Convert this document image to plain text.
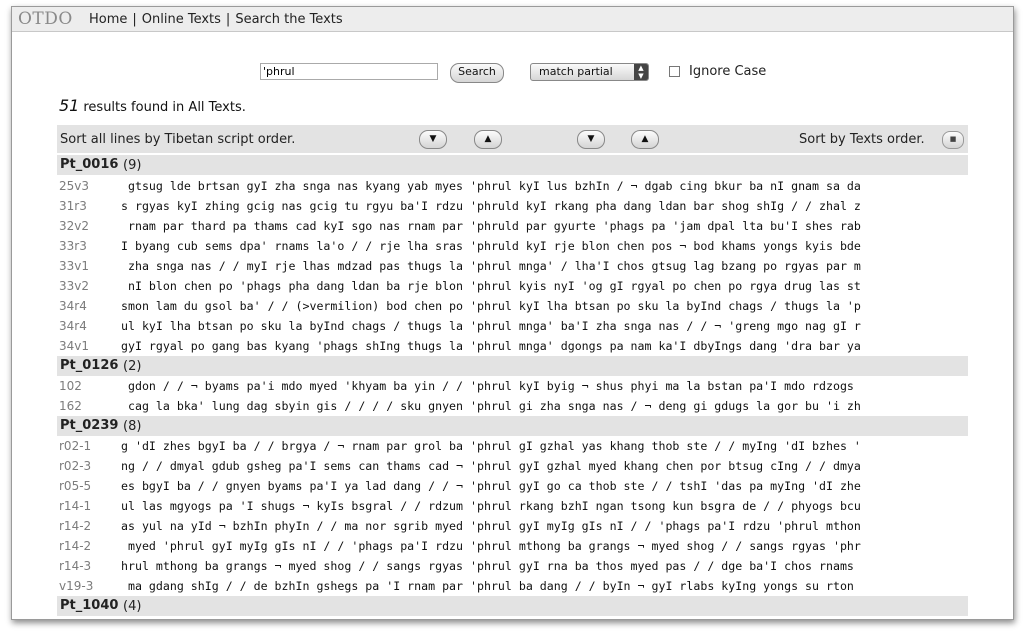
OTDO Home | Online Texts | Search the Texts
'phrul
Search	match partial	▲
▼	Ignore Case
51 results found in All Texts.
Sort all lines by Tibetan script order.	▼	▲	▼	▲	Sort by Texts order.	■
Pt_0016 (9)
25v3	gtsug lde brtsan gyI zha snga nas kyang yab myes 'phrul kyI lus bzhIn / ¬ dgab cing bkur ba nI gnam sa da
31r3	s rgyas kyI zhing gcig nas gcig tu rgyu ba'I rdzu 'phruld kyI rkang pha dang ldan bar shog shIg / / zhal z
32v2	rnam par thard pa thams cad kyI sgo nas rnam par 'phruld par gyurte 'phags pa 'jam dpal lta bu'I shes rab
33r3	I byang cub sems dpa' rnams la'o / / rje lha sras 'phruld kyI rje blon chen pos ¬ bod khams yongs kyis bde
33v1	zha snga nas / / myI rje lhas mdzad pas thugs la 'phrul mnga' / lha'I chos gtsug lag bzang po rgyas par m
33v2	nI blon chen po 'phags pha dang ldan ba rje blon 'phrul kyis nyI 'og gI rgyal po chen po rgya drug las st
34r4	smon lam du gsol ba' / / (>vermilion) bod chen po 'phrul kyI lha btsan po sku la byInd chags / thugs la 'p
34r4	ul kyI lha btsan po sku la byInd chags / thugs la 'phrul mnga' ba'I zha snga nas / / ¬ 'greng mgo nag gI r
34v1	gyI rgyal po gang bas kyang 'phags shIng thugs la 'phrul mnga' dgongs pa nam ka'I dbyIngs dang 'dra bar ya
Pt_0126 (2)
102	gdon / / ¬ byams pa'i mdo myed 'khyam ba yin / / 'phrul kyI byig ¬ shus phyi ma la bstan pa'I mdo rdzogs
162	cag la bka' lung dag sbyin gis / / / / sku gnyen 'phrul gi zha snga nas / ¬ deng gi gdugs la gor bu 'i zh
Pt_0239 (8)
r02-1	g 'dI zhes bgyI ba / / brgya / ¬ rnam par grol ba 'phrul gI gzhal yas khang thob ste / / myIng 'dI bzhes '
r02-3	ng / / dmyal gdub gsheg pa'I sems can thams cad ¬ 'phrul gyI gzhal myed khang chen por btsug cIng / / dmya
r05-5	es bgyI ba / / gnyen byams pa'I ya lad dang / / ¬ 'phrul gyI go ca thob ste / / tshI 'das pa myIng 'dI zhe
r14-1	ul las mgyogs pa 'I shugs ¬ kyIs bsgral / / rdzum 'phrul rkang bzhI ngan tsong kun bsgra de / / phyogs bcu
r14-2	as yul na yId ¬ bzhIn phyIn / / ma nor sgrib myed 'phrul gyI myIg gIs nI / / 'phags pa'I rdzu 'phrul mthon
r14-2	myed 'phrul gyI myIg gIs nI / / 'phags pa'I rdzu 'phrul mthong ba grangs ¬ myed shog / / sangs rgyas 'phr
r14-3	hrul mthong ba grangs ¬ myed shog / / sangs rgyas 'phrul gyI rna ba thos myed pas / / dge ba'I chos rnams
v19-3 ma gdang shIg / / de bzhIn gshegs pa 'I rnam par 'phrul ba dang / / byIn ¬ gyI rlabs kyIng yongs su rton
Pt_1040 (4)
